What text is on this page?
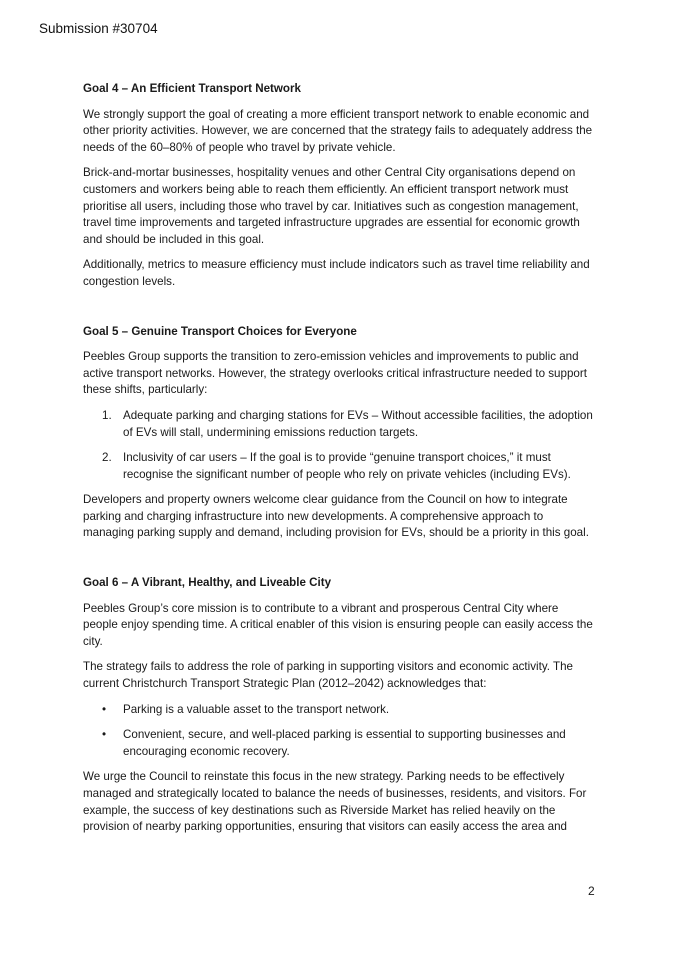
Submission #30704
Goal 4 – An Efficient Transport Network

We strongly support the goal of creating a more efficient transport network to enable economic and other priority activities. However, we are concerned that the strategy fails to adequately address the needs of the 60–80% of people who travel by private vehicle.

Brick-and-mortar businesses, hospitality venues and other Central City organisations depend on customers and workers being able to reach them efficiently. An efficient transport network must prioritise all users, including those who travel by car. Initiatives such as congestion management, travel time improvements and targeted infrastructure upgrades are essential for economic growth and should be included in this goal.

Additionally, metrics to measure efficiency must include indicators such as travel time reliability and congestion levels.

Goal 5 – Genuine Transport Choices for Everyone

Peebles Group supports the transition to zero-emission vehicles and improvements to public and active transport networks. However, the strategy overlooks critical infrastructure needed to support these shifts, particularly:

1. Adequate parking and charging stations for EVs – Without accessible facilities, the adoption of EVs will stall, undermining emissions reduction targets.
2. Inclusivity of car users – If the goal is to provide “genuine transport choices,” it must recognise the significant number of people who rely on private vehicles (including EVs).

Developers and property owners welcome clear guidance from the Council on how to integrate parking and charging infrastructure into new developments. A comprehensive approach to managing parking supply and demand, including provision for EVs, should be a priority in this goal.

Goal 6 – A Vibrant, Healthy, and Liveable City

Peebles Group’s core mission is to contribute to a vibrant and prosperous Central City where people enjoy spending time. A critical enabler of this vision is ensuring people can easily access the city.

The strategy fails to address the role of parking in supporting visitors and economic activity. The current Christchurch Transport Strategic Plan (2012–2042) acknowledges that:

• Parking is a valuable asset to the transport network.
• Convenient, secure, and well-placed parking is essential to supporting businesses and encouraging economic recovery.

We urge the Council to reinstate this focus in the new strategy. Parking needs to be effectively managed and strategically located to balance the needs of businesses, residents, and visitors. For example, the success of key destinations such as Riverside Market has relied heavily on the provision of nearby parking opportunities, ensuring that visitors can easily access the area and

2
